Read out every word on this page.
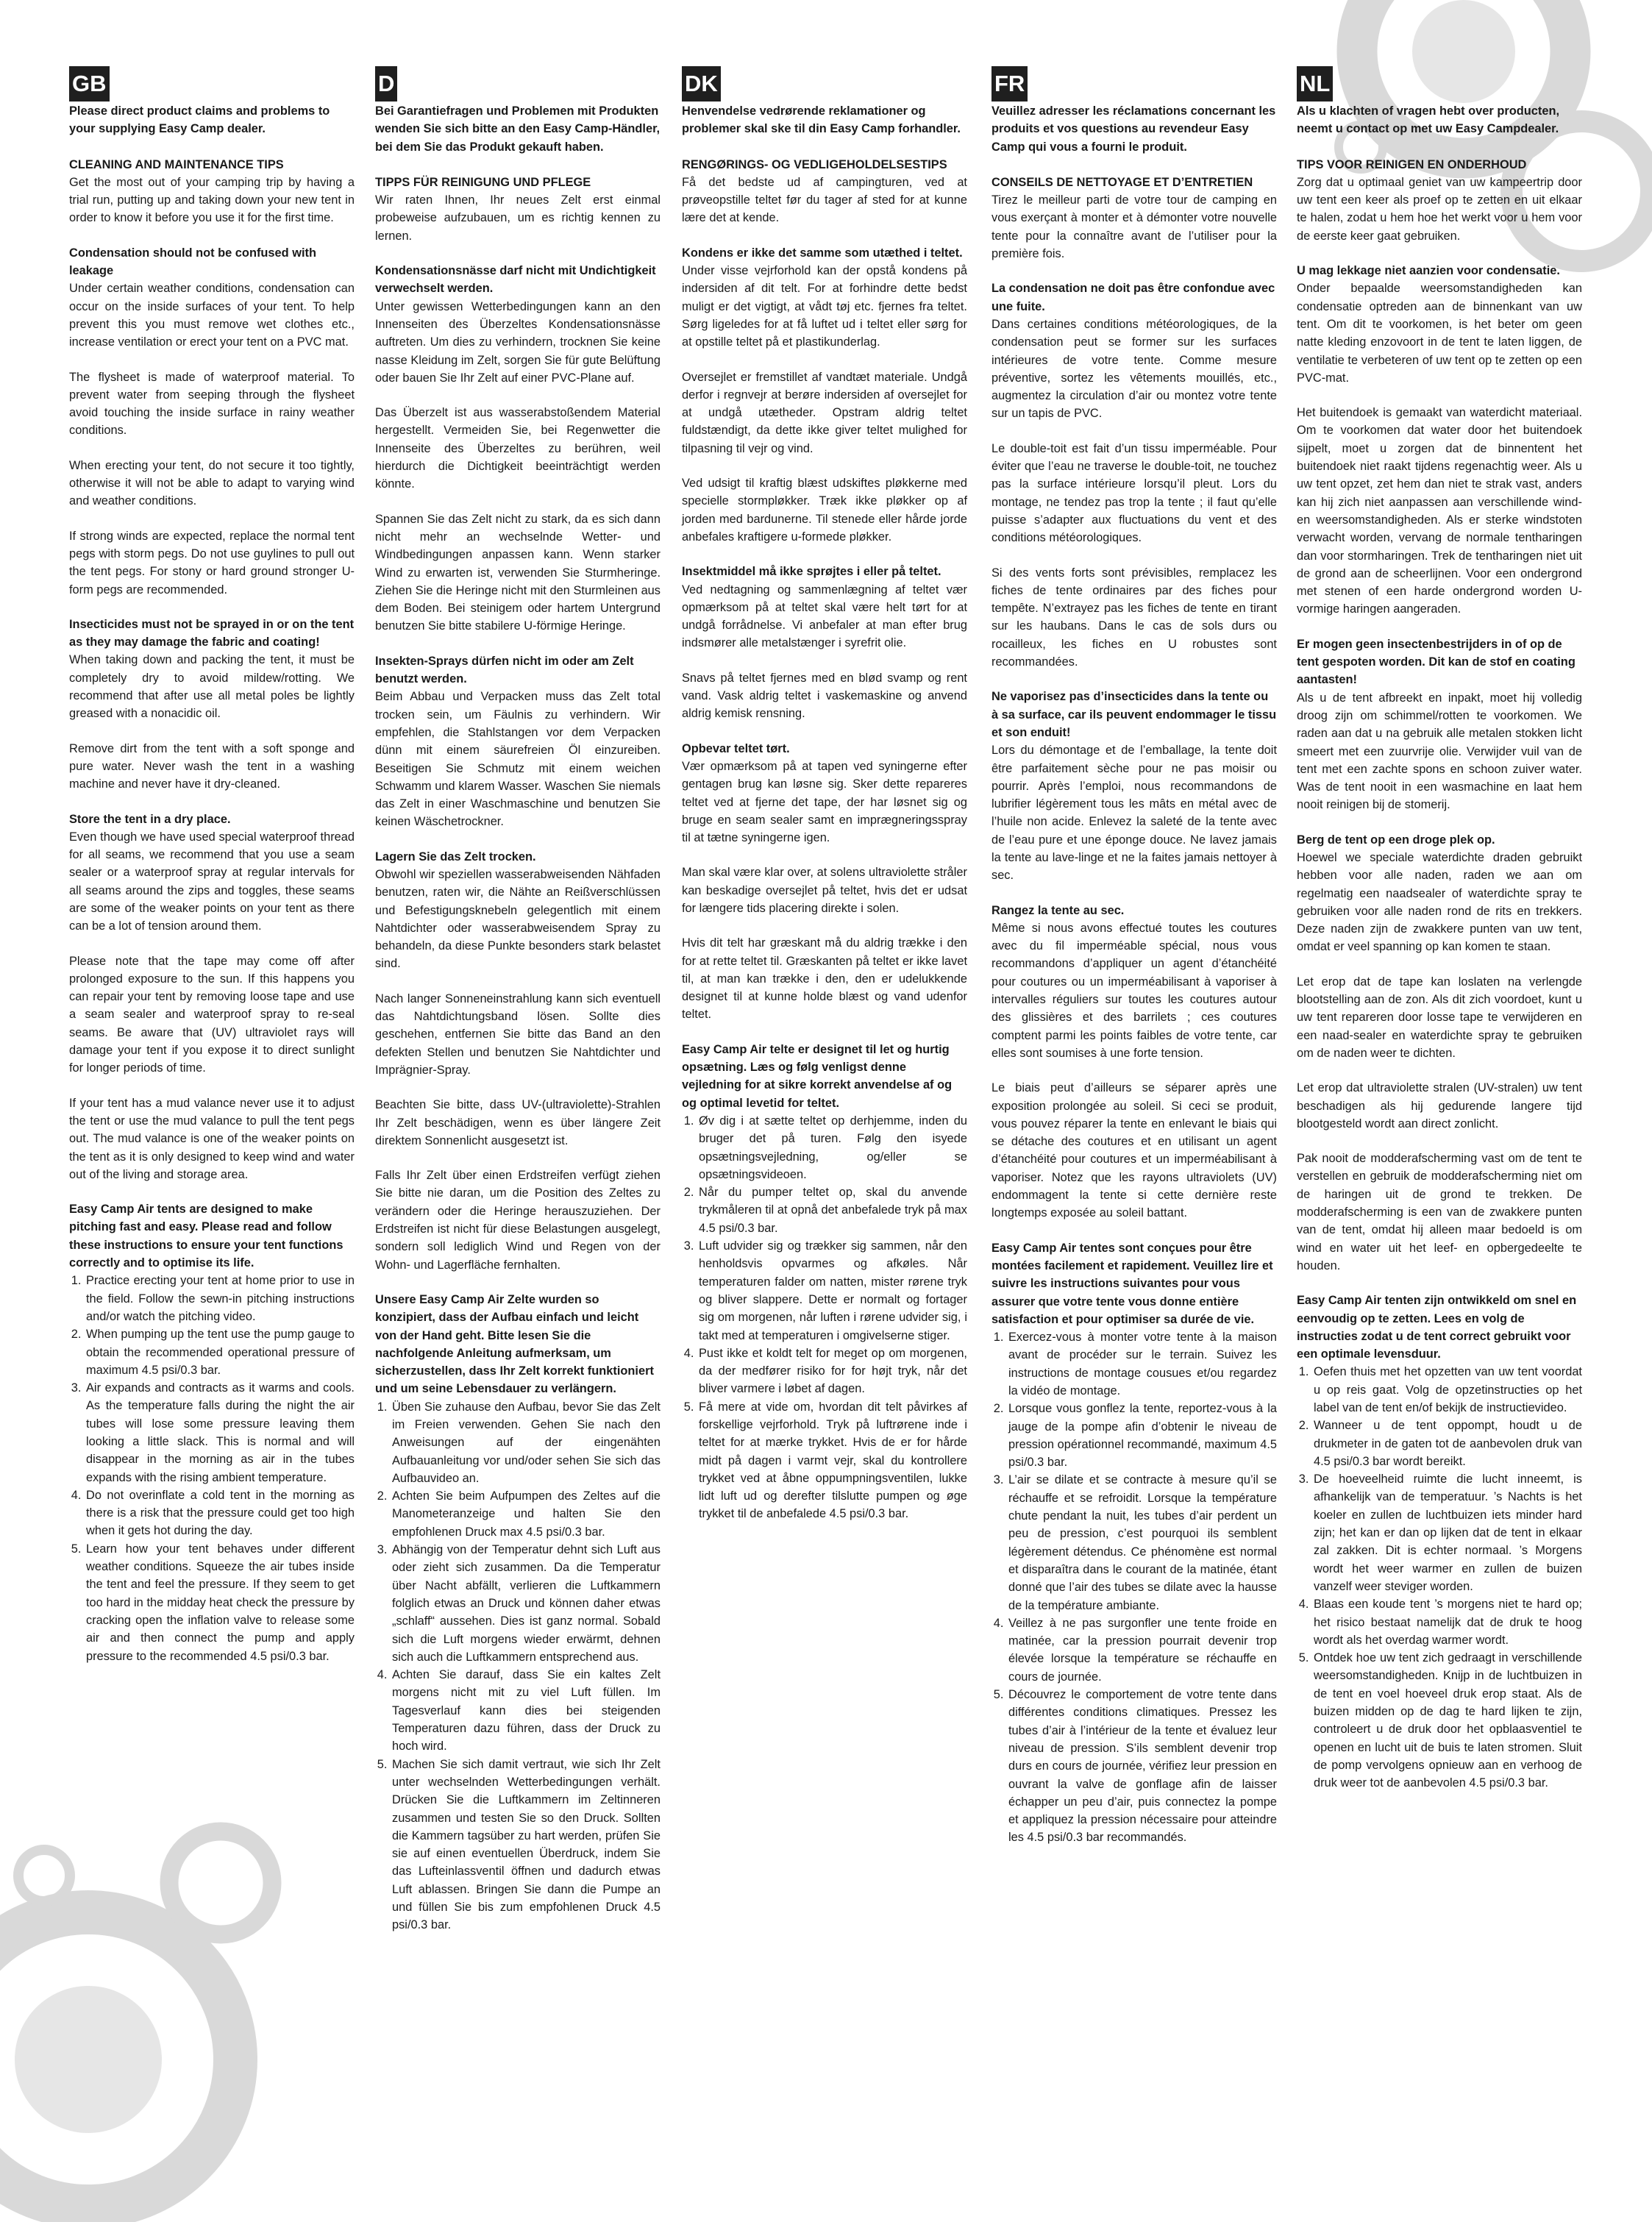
GB

Please direct product claims and problems to your supplying Easy Camp dealer.

CLEANING AND MAINTENANCE TIPS

Get the most out of your camping trip by having a trial run, putting up and taking down your new tent in order to know it before you use it for the first time.

Condensation should not be confused with leakage

Under certain weather conditions, condensation can occur on the inside surfaces of your tent. To help prevent this you must remove wet clothes etc., increase ventilation or erect your tent on a PVC mat.

The flysheet is made of waterproof material. To prevent water from seeping through the flysheet avoid touching the inside surface in rainy weather conditions.

When erecting your tent, do not secure it too tightly, otherwise it will not be able to adapt to varying wind and weather conditions.

If strong winds are expected, replace the normal tent pegs with storm pegs. Do not use guylines to pull out the tent pegs. For stony or hard ground stronger U-form pegs are recommended.

Insecticides must not be sprayed in or on the tent as they may damage the fabric and coating!

When taking down and packing the tent, it must be completely dry to avoid mildew/rotting. We recommend that after use all metal poles be lightly greased with a nonacidic oil.

Remove dirt from the tent with a soft sponge and pure water. Never wash the tent in a washing machine and never have it dry-cleaned.

Store the tent in a dry place.

Even though we have used special waterproof thread for all seams, we recommend that you use a seam sealer or a waterproof spray at regular intervals for all seams around the zips and toggles, these seams are some of the weaker points on your tent as there can be a lot of tension around them.

Please note that the tape may come off after prolonged exposure to the sun. If this happens you can repair your tent by removing loose tape and use a seam sealer and waterproof spray to re-seal seams. Be aware that (UV) ultraviolet rays will damage your tent if you expose it to direct sunlight for longer periods of time.

If your tent has a mud valance never use it to adjust the tent or use the mud valance to pull the tent pegs out. The mud valance is one of the weaker points on the tent as it is only designed to keep wind and water out of the living and storage area.

Easy Camp Air tents are designed to make pitching fast and easy. Please read and follow these instructions to ensure your tent functions correctly and to optimise its life.
1. Practice erecting your tent at home prior to use in the field. Follow the sewn-in pitching instructions and/or watch the pitching video.
2. When pumping up the tent use the pump gauge to obtain the recommended operational pressure of maximum 4.5 psi/0.3 bar.
3. Air expands and contracts as it warms and cools. As the temperature falls during the night the air tubes will lose some pressure leaving them looking a little slack. This is normal and will disappear in the morning as air in the tubes expands with the rising ambient temperature.
4. Do not overinflate a cold tent in the morning as there is a risk that the pressure could get too high when it gets hot during the day.
5. Learn how your tent behaves under different weather conditions. Squeeze the air tubes inside the tent and feel the pressure. If they seem to get too hard in the midday heat check the pressure by cracking open the inflation valve to release some air and then connect the pump and apply pressure to the recommended 4.5 psi/0.3 bar.
D

Bei Garantiefragen und Problemen mit Produkten wenden Sie sich bitte an den Easy Camp-Händler, bei dem Sie das Produkt gekauft haben.

TIPPS FÜR REINIGUNG UND PFLEGE

Wir raten Ihnen, Ihr neues Zelt erst einmal probeweise aufzubauen, um es richtig kennen zu lernen.

Kondensationsnässe darf nicht mit Undichtigkeit verwechselt werden.

Unter gewissen Wetterbedingungen kann an den Innenseiten des Überzeltes Kondensationsnässe auftreten. Um dies zu verhindern, trocknen Sie keine nasse Kleidung im Zelt, sorgen Sie für gute Belüftung oder bauen Sie Ihr Zelt auf einer PVC-Plane auf.

Das Überzelt ist aus wasserabstoßendem Material hergestellt. Vermeiden Sie, bei Regenwetter die Innenseite des Überzeltes zu berühren, weil hierdurch die Dichtigkeit beeinträchtigt werden könnte.

Spannen Sie das Zelt nicht zu stark, da es sich dann nicht mehr an wechselnde Wetter- und Windbedingungen anpassen kann. Wenn starker Wind zu erwarten ist, verwenden Sie Sturmheringe. Ziehen Sie die Heringe nicht mit den Sturmleinen aus dem Boden. Bei steinigem oder hartem Untergrund benutzen Sie bitte stabilere U-förmige Heringe.

Insekten-Sprays dürfen nicht im oder am Zelt benutzt werden.

Beim Abbau und Verpacken muss das Zelt total trocken sein, um Fäulnis zu verhindern. Wir empfehlen, die Stahlstangen vor dem Verpacken dünn mit einem säurefreien Öl einzureiben. Beseitigen Sie Schmutz mit einem weichen Schwamm und klarem Wasser. Waschen Sie niemals das Zelt in einer Waschmaschine und benutzen Sie keinen Wäschetrockner.

Lagern Sie das Zelt trocken.

Obwohl wir speziellen wasserabweisenden Nähfaden benutzen, raten wir, die Nähte an Reißverschlüssen und Befestigungsknebeln gelegentlich mit einem Nahtdichter oder wasserabweisendem Spray zu behandeln, da diese Punkte besonders stark belastet sind.

Nach langer Sonneneinstrahlung kann sich eventuell das Nahtdichtungsband lösen. Sollte dies geschehen, entfernen Sie bitte das Band an den defekten Stellen und benutzen Sie Nahtdichter und Imprägnier-Spray.

Beachten Sie bitte, dass UV-(ultraviolette)-Strahlen Ihr Zelt beschädigen, wenn es über längere Zeit direktem Sonnenlicht ausgesetzt ist.

Falls Ihr Zelt über einen Erdstreifen verfügt ziehen Sie bitte nie daran, um die Position des Zeltes zu verändern oder die Heringe herauszuziehen. Der Erdstreifen ist nicht für diese Belastungen ausgelegt, sondern soll lediglich Wind und Regen von der Wohn- und Lagerfläche fernhalten.

Unsere Easy Camp Air Zelte wurden so konzipiert, dass der Aufbau einfach und leicht von der Hand geht. Bitte lesen Sie die nachfolgende Anleitung aufmerksam, um sicherzustellen, dass Ihr Zelt korrekt funktioniert und um seine Lebensdauer zu verlängern.
1. Üben Sie zuhause den Aufbau, bevor Sie das Zelt im Freien verwenden. Gehen Sie nach den Anweisungen auf der eingenähten Aufbauanleitung vor und/oder sehen Sie sich das Aufbauvideo an.
2. Achten Sie beim Aufpumpen des Zeltes auf die Manometeranzeige und halten Sie den empfohlenen Druck max 4.5 psi/0.3 bar.
3. Abhängig von der Temperatur dehnt sich Luft aus oder zieht sich zusammen. Da die Temperatur über Nacht abfällt, verlieren die Luftkammern folglich etwas an Druck und können daher etwas „schlaff“ aussehen. Dies ist ganz normal. Sobald sich die Luft morgens wieder erwärmt, dehnen sich auch die Luftkammern entsprechend aus.
4. Achten Sie darauf, dass Sie ein kaltes Zelt morgens nicht mit zu viel Luft füllen. Im Tagesverlauf kann dies bei steigenden Temperaturen dazu führen, dass der Druck zu hoch wird.
5. Machen Sie sich damit vertraut, wie sich Ihr Zelt unter wechselnden Wetterbedingungen verhält. Drücken Sie die Luftkammern im Zeltinneren zusammen und testen Sie so den Druck. Sollten die Kammern tagsüber zu hart werden, prüfen Sie sie auf einen eventuellen Überdruck, indem Sie das Lufteinlassventil öffnen und dadurch etwas Luft ablassen. Bringen Sie dann die Pumpe an und füllen Sie bis zum empfohlenen Druck 4.5 psi/0.3 bar.
DK

Henvendelse vedrørende reklamationer og problemer skal ske til din Easy Camp forhandler.

RENGØRINGS- OG VEDLIGEHOLDELSESTIPS

Få det bedste ud af campingturen, ved at prøveopstille teltet før du tager af sted for at kunne lære det at kende.

Kondens er ikke det samme som utæthed i teltet.

Under visse vejrforhold kan der opstå kondens på indersiden af dit telt. For at forhindre dette bedst muligt er det vigtigt, at vådt tøj etc. fjernes fra teltet. Sørg ligeledes for at få luftet ud i teltet eller sørg for at opstille teltet på et plastikunderlag.

Oversejlet er fremstillet af vandtæt materiale. Undgå derfor i regnvejr at berøre indersiden af oversejlet for at undgå utætheder. Opstram aldrig teltet fuldstændigt, da dette ikke giver teltet mulighed for tilpasning til vejr og vind.

Ved udsigt til kraftig blæst udskiftes pløkkerne med specielle stormpløkker. Træk ikke pløkker op af jorden med barduner​ne. Til stenede eller hårde jorde anbefales kraftigere u-formede pløkker.

Insektmiddel må ikke sprøjtes i eller på teltet.

Ved nedtagning og sammenlægning af teltet vær opmærksom på at teltet skal være helt tørt for at undgå forrådnelse. Vi anbefaler at man efter brug indsmører alle metalstænger i syrefrit olie.

Snavs på teltet fjernes med en blød svamp og rent vand. Vask aldrig teltet i vaskemaskine og anvend aldrig kemisk rensning.

Opbevar teltet tørt.

Vær opmærksom på at tapen ved syningerne efter gentagen brug kan løsne sig. Sker dette repareres teltet ved at fjerne det tape, der har løsnet sig og bruge en seam sealer samt en imprægneringsspray til at tætne syningerne igen.

Man skal være klar over, at solens ultraviolette stråler kan beskadige oversejlet på teltet, hvis det er udsat for længere tids placering direkte i solen.

Hvis dit telt har græskant må du aldrig trække i den for at rette teltet til. Græskanten på teltet er ikke lavet til, at man kan trække i den, den er udelukkende designet til at kunne holde blæst og vand udenfor teltet.

Easy Camp Air telte er designet til let og hurtig opsætning. Læs og følg venligst denne vejledning for at sikre korrekt anvendelse af og og optimal levetid for teltet.
1. Øv dig i at sætte teltet op derhjemme, inden du bruger det på turen. Følg den isyede opsætningsvejledning, og/eller se opsætningsvideoen.
2. Når du pumper teltet op, skal du anvende trykmåleren til at opnå det anbefalede tryk på max 4.5 psi/0.3 bar.
3. Luft udvider sig og trækker sig sammen, når den henholdsvis opvarmes og afkøles. Når temperaturen falder om natten, mister rørene tryk og bliver slappere. Dette er normalt og fortager sig om morgenen, når luften i rørene udvider sig, i takt med at temperaturen i omgivelserne stiger.
4. Pust ikke et koldt telt for meget op om morgenen, da der medfører risiko for for højt tryk, når det bliver varmere i løbet af dagen.
5. Få mere at vide om, hvordan dit telt påvirkes af forskellige vejrforhold. Tryk på luftrørene inde i teltet for at mærke trykket. Hvis de er for hårde midt på dagen i varmt vejr, skal du kontrollere trykket ved at åbne oppumpningsventilen, lukke lidt luft ud og derefter tilslutte pumpen og øge trykket til de anbefalede 4.5 psi/0.3 bar.
FR

Veuillez adresser les réclamations concernant les produits et vos questions au revendeur Easy Camp qui vous a fourni le produit.

CONSEILS DE NETTOYAGE ET D’ENTRETIEN

Tirez le meilleur parti de votre tour de camping en vous exerçant à monter et à démonter votre nouvelle tente pour la connaître avant de l’utiliser pour la première fois.

La condensation ne doit pas être confondue avec une fuite.

Dans certaines conditions météorologiques, de la condensation peut se former sur les surfaces intérieures de votre tente. Comme mesure préventive, sortez les vêtements mouillés, etc., augmentez la circulation d’air ou montez votre tente sur un tapis de PVC.

Le double-toit est fait d’un tissu imperméable. Pour éviter que l’eau ne traverse le double-toit, ne touchez pas la surface intérieure lorsqu’il pleut. Lors du montage, ne tendez pas trop la tente ; il faut qu’elle puisse s’adapter aux fluctuations du vent et des conditions météorologiques.

Si des vents forts sont prévisibles, remplacez les fiches de tente ordinaires par des fiches pour tempête. N’extrayez pas les fiches de tente en tirant sur les haubans. Dans le cas de sols durs ou rocailleux, les fiches en U robustes sont recommandées.

Ne vaporisez pas d’insecticides dans la tente ou à sa surface, car ils peuvent endommager le tissu et son enduit!

Lors du démontage et de l’emballage, la tente doit être parfaitement sèche pour ne pas moisir ou pourrir. Après l’emploi, nous recommandons de lubrifier légèrement tous les mâts en métal avec de l’huile non acide. Enlevez la saleté de la tente avec de l’eau pure et une éponge douce. Ne lavez jamais la tente au lave-linge et ne la faites jamais nettoyer à sec.

Rangez la tente au sec.

Même si nous avons effectué toutes les coutures avec du fil imperméable spécial, nous vous recommandons d’appliquer un agent d’étanchéité pour coutures ou un imperméabilisant à vaporiser à intervalles réguliers sur toutes les coutures autour des glissières et des barrilets ; ces coutures comptent parmi les points faibles de votre tente, car elles sont soumises à une forte tension.

Le biais peut d’ailleurs se séparer après une exposition prolongée au soleil. Si ceci se produit, vous pouvez réparer la tente en enlevant le biais qui se détache des coutures et en utilisant un agent d’étanchéité pour coutures et un imperméabilisant à vaporiser. Notez que les rayons ultraviolets (UV) endommagent la tente si cette dernière reste longtemps exposée au soleil battant.

Easy Camp Air tentes sont conçues pour être montées facilement et rapidement. Veuillez lire et suivre les instructions suivantes pour vous assurer que votre tente vous donne entière satisfaction et pour optimiser sa durée de vie.
1. Exercez-vous à monter votre tente à la maison avant de procéder sur le terrain. Suivez les instructions de montage cousues et/ou regardez la vidéo de montage.
2. Lorsque vous gonflez la tente, reportez-vous à la jauge de la pompe afin d’obtenir le niveau de pression opérationnel recommandé, maximum 4.5 psi/0.3 bar.
3. L’air se dilate et se contracte à mesure qu’il se réchauffe et se refroidit. Lorsque la température chute pendant la nuit, les tubes d’air perdent un peu de pression, c’est pourquoi ils semblent légèrement détendus. Ce phénomène est normal et disparaîtra dans le courant de la matinée, étant donné que l’air des tubes se dilate avec la hausse de la température ambiante.
4. Veillez à ne pas surgonfler une tente froide en matinée, car la pression pourrait devenir trop élevée lorsque la température se réchauffe en cours de journée.
5. Découvrez le comportement de votre tente dans différentes conditions climatiques. Pressez les tubes d’air à l’intérieur de la tente et évaluez leur niveau de pression. S’ils semblent devenir trop durs en cours de journée, vérifiez leur pression en ouvrant la valve de gonflage afin de laisser échapper un peu d’air, puis connectez la pompe et appliquez la pression nécessaire pour atteindre les 4.5 psi/0.3 bar recommandés.
NL

Als u klachten of vragen hebt over producten, neemt u contact op met uw Easy Campdealer.

TIPS VOOR REINIGEN EN ONDERHOUD

Zorg dat u optimaal geniet van uw kampeertrip door uw tent een keer als proef op te zetten en uit elkaar te halen, zodat u hem hoe het werkt voor u hem voor de eerste keer gaat gebruiken.

U mag lekkage niet aanzien voor condensatie.

Onder bepaalde weersomstandigheden kan condensatie optreden aan de binnenkant van uw tent. Om dit te voorkomen, is het beter om geen natte kleding enzovoort in de tent te laten liggen, de ventilatie te verbeteren of uw tent op te zetten op een PVC-mat.

Het buitendoek is gemaakt van waterdicht materiaal. Om te voorkomen dat water door het buitendoek sijpelt, moet u zorgen dat de binnentent het buitendoek niet raakt tijdens regenachtig weer. Als u uw tent opzet, zet hem dan niet te strak vast, anders kan hij zich niet aanpassen aan verschillende wind- en weersomstandigheden. Als er sterke windstoten verwacht worden, vervang de normale tentharingen dan voor stormharingen. Trek de tentharingen niet uit de grond aan de scheerlijnen. Voor een ondergrond met stenen of een harde ondergrond worden U-vormige haringen aangeraden.

Er mogen geen insectenbestrijders in of op de tent gespoten worden. Dit kan de stof en coating aantasten!

Als u de tent afbreekt en inpakt, moet hij volledig droog zijn om schimmel/rotten te voorkomen. We raden aan dat u na gebruik alle metalen stokken licht smeert met een zuurvrije olie. Verwijder vuil van de tent met een zachte spons en schoon zuiver water. Was de tent nooit in een wasmachine en laat hem nooit reinigen bij de stomerij.

Berg de tent op een droge plek op.

Hoewel we speciale waterdichte draden gebruikt hebben voor alle naden, raden we aan om regelmatig een naadsealer of waterdichte spray te gebruiken voor alle naden rond de rits en trekkers. Deze naden zijn de zwakkere punten van uw tent, omdat er veel spanning op kan komen te staan.

Let erop dat de tape kan loslaten na verlengde blootstelling aan de zon. Als dit zich voordoet, kunt u uw tent repareren door losse tape te verwijderen en een naad-sealer en waterdichte spray te gebruiken om de naden weer te dichten.

Let erop dat ultraviolette stralen (UV-stralen) uw tent beschadigen als hij gedurende langere tijd blootgesteld wordt aan direct zonlicht.

Pak nooit de modderafscherming vast om de tent te verstellen en gebruik de modderafscherming niet om de haringen uit de grond te trekken. De modderafscherming is een van de zwakkere punten van de tent, omdat hij alleen maar bedoeld is om wind en water uit het leef- en opbergedeelte te houden.

Easy Camp Air tenten zijn ontwikkeld om snel en eenvoudig op te zetten. Lees en volg de instructies zodat u de tent correct gebruikt voor een optimale levensduur.
1. Oefen thuis met het opzetten van uw tent voordat u op reis gaat. Volg de opzetinstructies op het label van de tent en/of bekijk de instructievideo.
2. Wanneer u de tent oppompt, houdt u de drukmeter in de gaten tot de aanbevolen druk van 4.5 psi/0.3 bar wordt bereikt.
3. De hoeveelheid ruimte die lucht inneemt, is afhankelijk van de temperatuur. ’s Nachts is het koeler en zullen de luchtbuizen iets minder hard zijn; het kan er dan op lijken dat de tent in elkaar zal zakken. Dit is echter normaal. ’s Morgens wordt het weer warmer en zullen de buizen vanzelf weer steviger worden.
4. Blaas een koude tent ’s morgens niet te hard op; het risico bestaat namelijk dat de druk te hoog wordt als het overdag warmer wordt.
5. Ontdek hoe uw tent zich gedraagt in verschillende weersomstandigheden. Knijp in de luchtbuizen in de tent en voel hoeveel druk erop staat. Als de buizen midden op de dag te hard lijken te zijn, controleert u de druk door het opblaasventiel te openen en lucht uit de buis te laten stromen. Sluit de pomp vervolgens opnieuw aan en verhoog de druk weer tot de aanbevolen 4.5 psi/0.3 bar.
